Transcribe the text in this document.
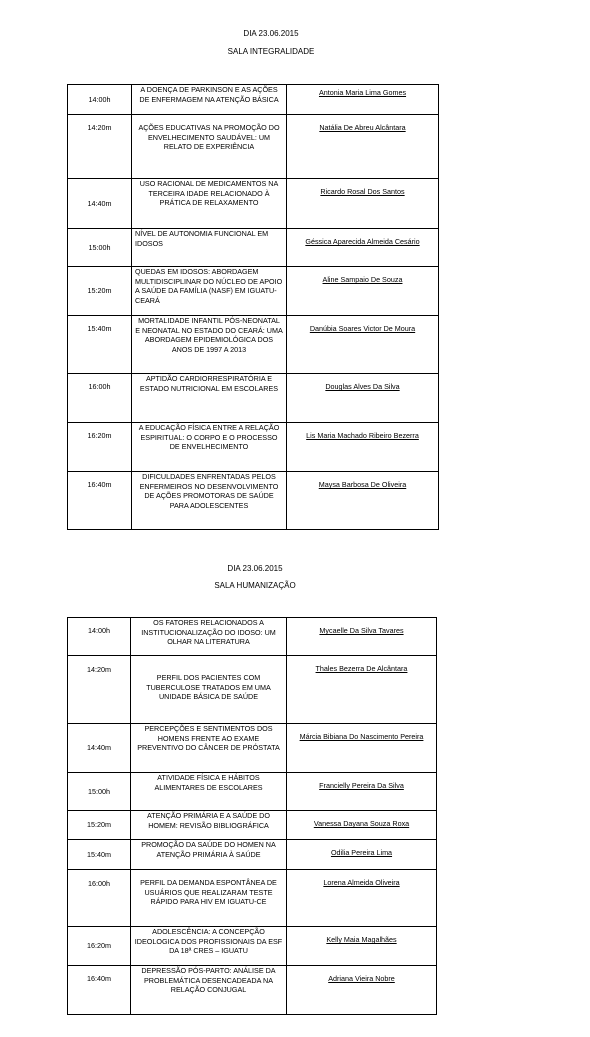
DIA 23.06.2015
SALA INTEGRALIDADE
14:00h	A DOENÇA DE PARKINSON E AS AÇÕES DE ENFERMAGEM NA ATENÇÃO BÁSICA	Antonia Maria Lima Gomes

14:20m	AÇÕES EDUCATIVAS NA PROMOÇÃO DO ENVELHECIMENTO SAUDÁVEL: UM RELATO DE EXPERIÊNCIA	Natália De Abreu Alcântara

14:40m	USO RACIONAL DE MEDICAMENTOS NA TERCEIRA IDADE RELACIONADO À PRÁTICA DE RELAXAMENTO	Ricardo Rosal Dos Santos

15:00h	NÍVEL DE AUTONOMIA FUNCIONAL EM IDOSOS	Géssica Aparecida Almeida Cesário

15:20m	QUEDAS EM IDOSOS: ABORDAGEM MULTIDISCIPLINAR DO NÚCLEO DE APOIO A SAÚDE DA FAMÍLIA (NASF) EM IGUATU-CEARÁ	Aline Sampaio De Souza

15:40m	MORTALIDADE INFANTIL PÓS-NEONATAL E NEONATAL NO ESTADO DO CEARÁ: UMA ABORDAGEM EPIDEMIOLÓGICA DOS ANOS DE 1997 A 2013	Danúbia Soares Victor De Moura

16:00h	APTIDÃO CARDIORRESPIRATÓRIA E ESTADO NUTRICIONAL EM ESCOLARES	Douglas Alves Da Silva

16:20m	A EDUCAÇÃO FÍSICA ENTRE A RELAÇÃO ESPIRITUAL: O CORPO E O PROCESSO DE ENVELHECIMENTO	Lis Maria Machado Ribeiro Bezerra

16:40m	DIFICULDADES ENFRENTADAS PELOS ENFERMEIROS NO DESENVOLVIMENTO DE AÇÕES PROMOTORAS DE SAÚDE PARA ADOLESCENTES	Maysa Barbosa De Oliveira
DIA 23.06.2015
SALA HUMANIZAÇÃO
14:00h	OS FATORES RELACIONADOS A INSTITUCIONALIZAÇÃO DO IDOSO: UM OLHAR NA LITERATURA	Mycaelle Da Silva Tavares

14:20m	PERFIL DOS PACIENTES COM TUBERCULOSE TRATADOS EM UMA UNIDADE BÁSICA DE SAÚDE	Thales Bezerra De Alcântara

14:40m	PERCEPÇÕES E SENTIMENTOS DOS HOMENS FRENTE AO EXAME PREVENTIVO DO CÂNCER DE PRÓSTATA	Márcia Bibiana Do Nascimento Pereira

15:00h	ATIVIDADE FÍSICA E HÁBITOS ALIMENTARES DE ESCOLARES	Francielly Pereira Da Silva

15:20m	ATENÇÃO PRIMÁRIA E A SAÚDE DO HOMEM: REVISÃO BIBLIOGRÁFICA	Vanessa Dayana Souza Roxa

15:40m	PROMOÇÃO DA SAÚDE DO HOMEN NA ATENÇÃO PRIMÁRIA À SAÚDE	Odilia Pereira Lima

16:00h	PERFIL DA DEMANDA ESPONTÂNEA DE USUÁRIOS QUE REALIZARAM TESTE RÁPIDO PARA HIV EM IGUATU-CE	Lorena Almeida Oliveira

16:20m	ADOLESCÊNCIA: A CONCEPÇÃO IDEOLOGICA DOS PROFISSIONAIS DA ESF DA 18ª CRES – IGUATU	Kelly Maia Magalhães

16:40m	DEPRESSÃO PÓS-PARTO: ANÁLISE DA PROBLEMÁTICA DESENCADEADA NA RELAÇÃO CONJUGAL	Adriana Vieira Nobre
